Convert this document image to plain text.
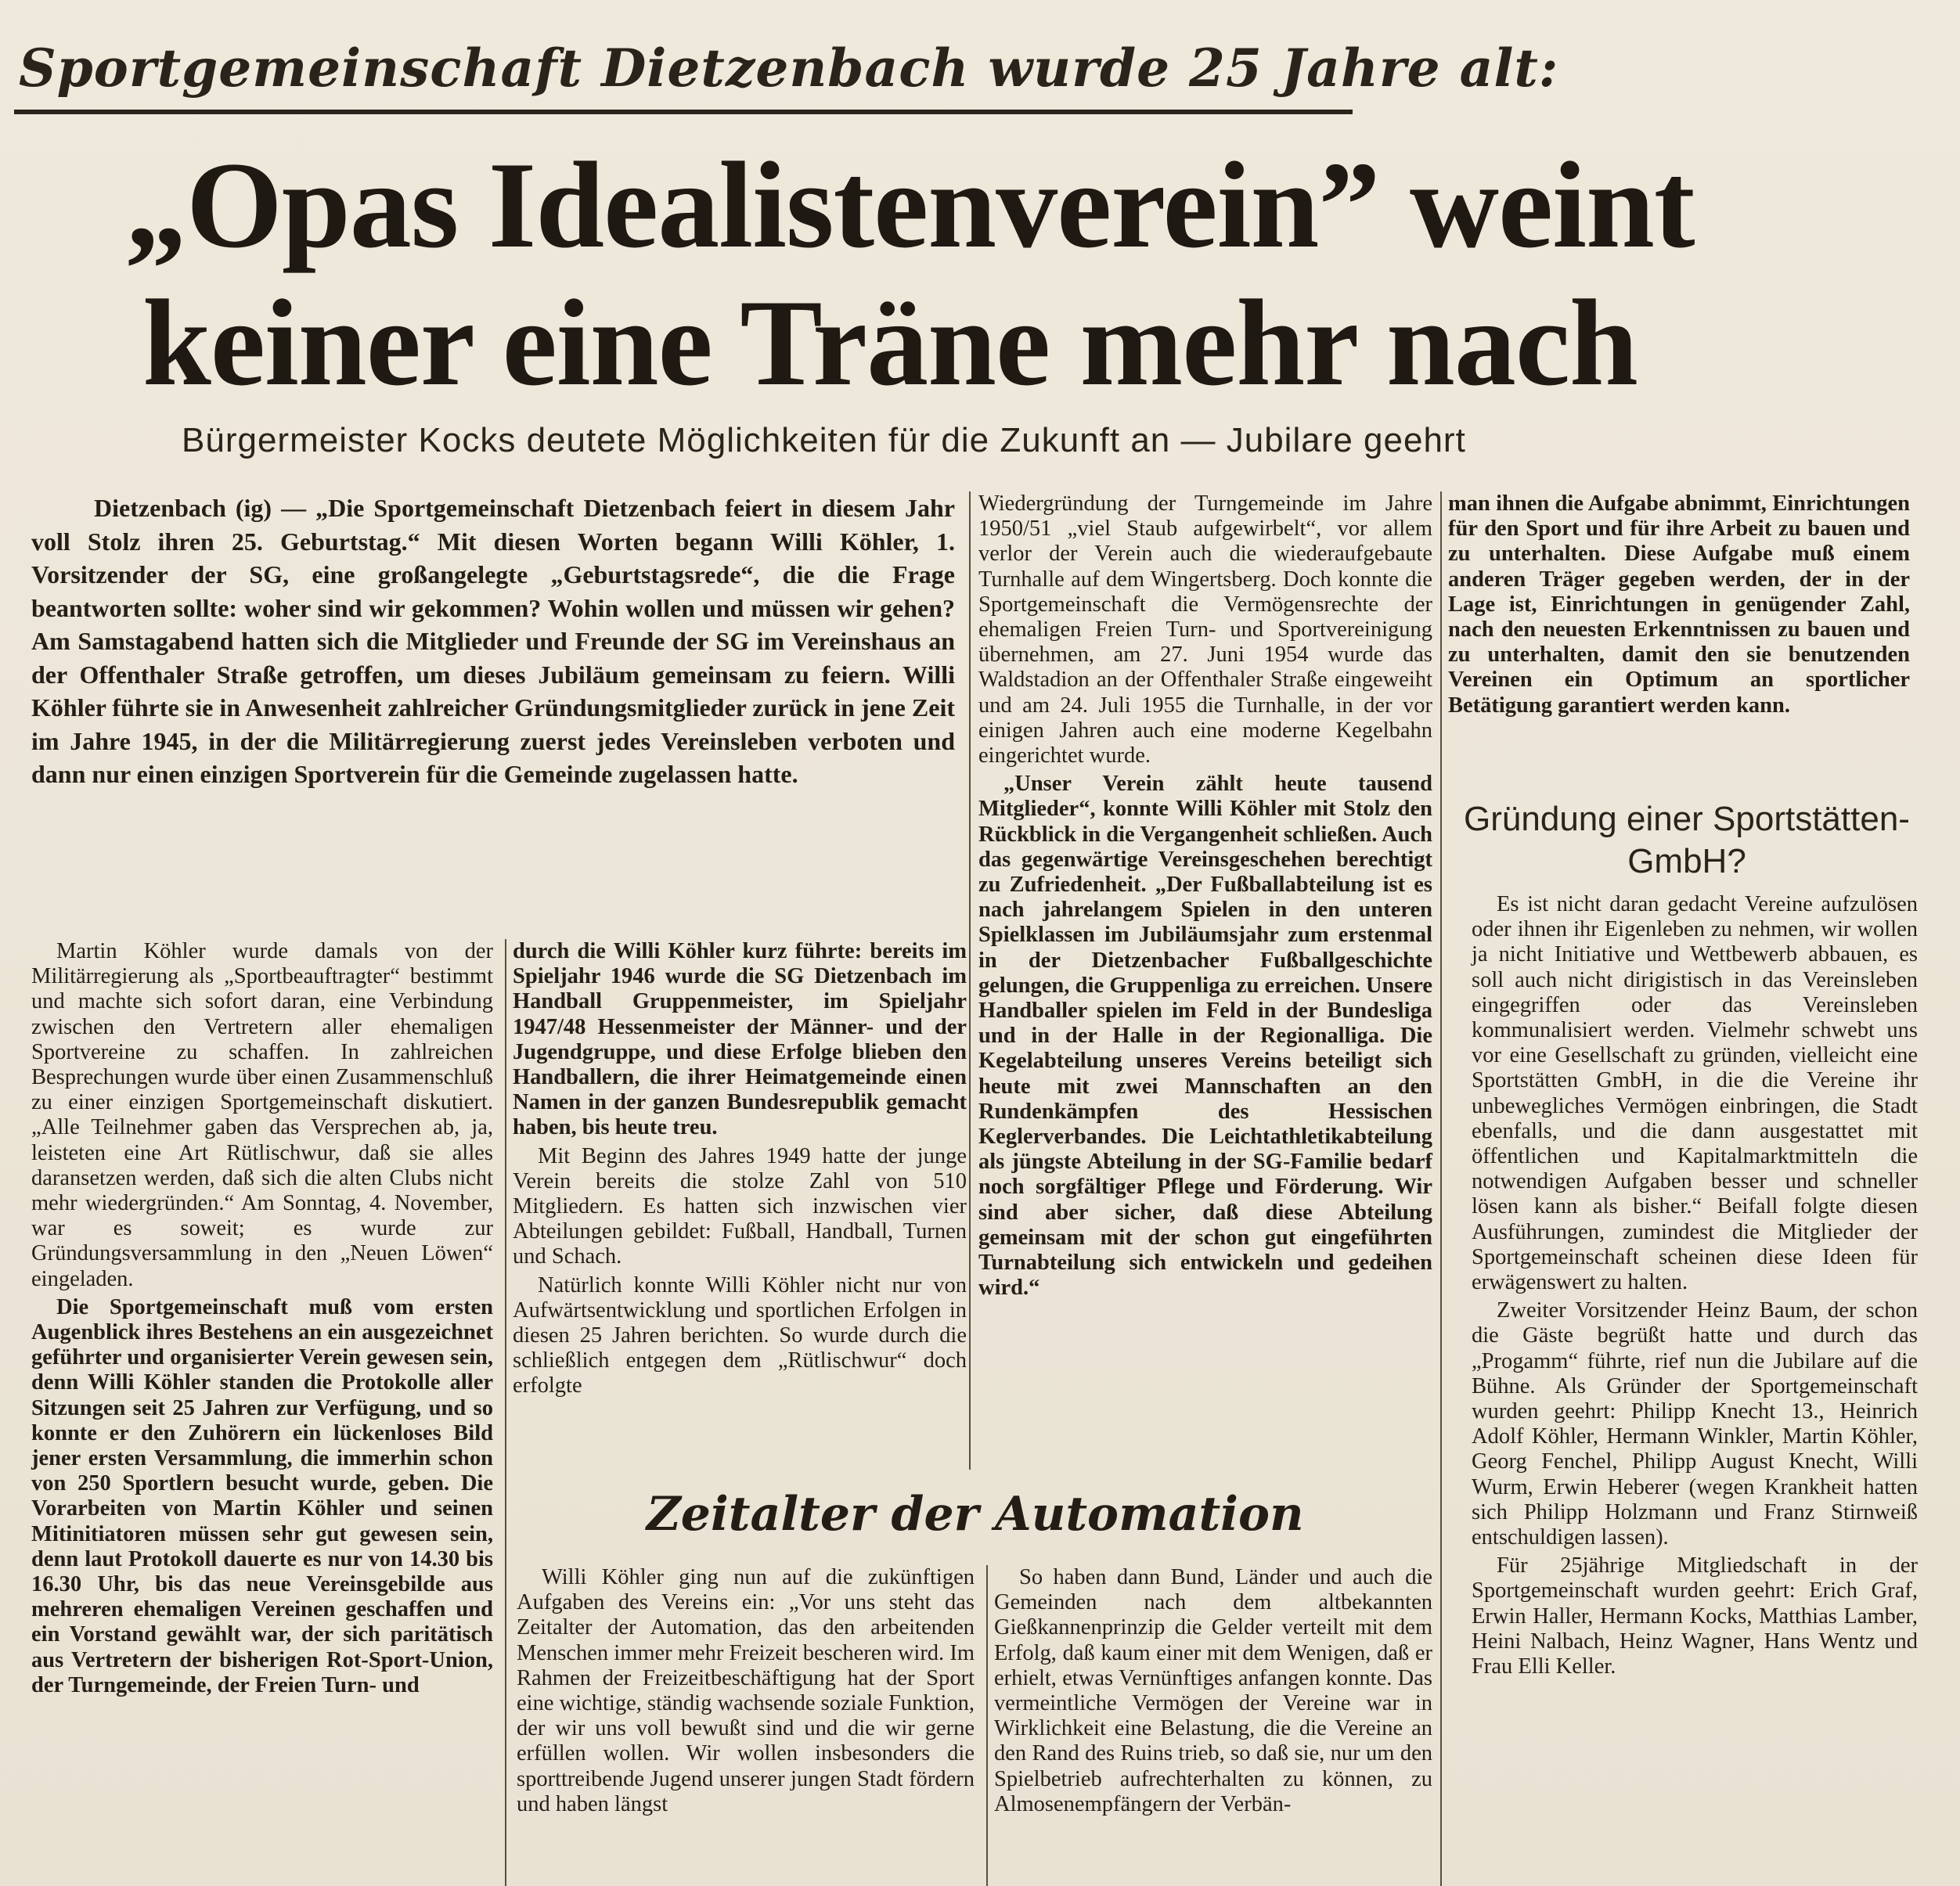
Sportgemeinschaft Dietzenbach wurde 25 Jahre alt:
„Opas Idealistenverein” weint
keiner eine Träne mehr nach
Bürgermeister Kocks deutete Möglichkeiten für die Zukunft an — Jubilare geehrt

Dietzenbach (ig) — „Die Sportgemeinschaft Dietzenbach feiert in diesem Jahr voll Stolz ihren 25. Geburtstag.“ Mit diesen Worten begann Willi Köhler, 1. Vorsitzender der SG, eine großangelegte „Geburtstagsrede“, die die Frage beantworten sollte: woher sind wir gekommen? Wohin wollen und müssen wir gehen? Am Samstagabend hatten sich die Mitglieder und Freunde der SG im Vereinshaus an der Offenthaler Straße getroffen, um dieses Jubiläum gemeinsam zu feiern. Willi Köhler führte sie in Anwesenheit zahlreicher Gründungsmitglieder zurück in jene Zeit im Jahre 1945, in der die Militärregierung zuerst jedes Vereinsleben verboten und dann nur einen einzigen Sportverein für die Gemeinde zugelassen hatte.

Martin Köhler wurde damals von der Militärregierung als „Sportbeauftragter“ bestimmt und machte sich sofort daran, eine Verbindung zwischen den Vertretern aller ehemaligen Sportvereine zu schaffen. In zahlreichen Besprechungen wurde über einen Zusammenschluß zu einer einzigen Sportgemeinschaft diskutiert. „Alle Teilnehmer gaben das Versprechen ab, ja, leisteten eine Art Rütlischwur, daß sie alles daransetzen werden, daß sich die alten Clubs nicht mehr wiedergründen.“ Am Sonntag, 4. November, war es soweit; es wurde zur Gründungsversammlung in den „Neuen Löwen“ eingeladen.

Die Sportgemeinschaft muß vom ersten Augenblick ihres Bestehens an ein ausgezeichnet geführter und organisierter Verein gewesen sein, denn Willi Köhler standen die Protokolle aller Sitzungen seit 25 Jahren zur Verfügung, und so konnte er den Zuhörern ein lückenloses Bild jener ersten Versammlung, die immerhin schon von 250 Sportlern besucht wurde, geben. Die Vorarbeiten von Martin Köhler und seinen Mitinitiatoren müssen sehr gut gewesen sein, denn laut Protokoll dauerte es nur von 14.30 bis 16.30 Uhr, bis das neue Vereinsgebilde aus mehreren ehemaligen Vereinen geschaffen und ein Vorstand gewählt war, der sich paritätisch aus Vertretern der bisherigen Rot-Sport-Union, der Turngemeinde, der Freien Turn- und

durch die Willi Köhler kurz führte: bereits im Spieljahr 1946 wurde die SG Dietzenbach im Handball Gruppenmeister, im Spieljahr 1947/48 Hessenmeister der Männer- und der Jugendgruppe, und diese Erfolge blieben den Handballern, die ihrer Heimatgemeinde einen Namen in der ganzen Bundesrepublik gemacht haben, bis heute treu.

Mit Beginn des Jahres 1949 hatte der junge Verein bereits die stolze Zahl von 510 Mitgliedern. Es hatten sich inzwischen vier Abteilungen gebildet: Fußball, Handball, Turnen und Schach.

Natürlich konnte Willi Köhler nicht nur von Aufwärtsentwicklung und sportlichen Erfolgen in diesen 25 Jahren berichten. So wurde durch die schließlich entgegen dem „Rütlischwur“ doch erfolgte

Wiedergründung der Turngemeinde im Jahre 1950/51 „viel Staub aufgewirbelt“, vor allem verlor der Verein auch die wiederaufgebaute Turnhalle auf dem Wingertsberg. Doch konnte die Sportgemeinschaft die Vermögensrechte der ehemaligen Freien Turn- und Sportvereinigung übernehmen, am 27. Juni 1954 wurde das Waldstadion an der Offenthaler Straße eingeweiht und am 24. Juli 1955 die Turnhalle, in der vor einigen Jahren auch eine moderne Kegelbahn eingerichtet wurde.

„Unser Verein zählt heute tausend Mitglieder“, konnte Willi Köhler mit Stolz den Rückblick in die Vergangenheit schließen. Auch das gegenwärtige Vereinsgeschehen berechtigt zu Zufriedenheit. „Der Fußballabteilung ist es nach jahrelangem Spielen in den unteren Spielklassen im Jubiläumsjahr zum erstenmal in der Dietzenbacher Fußballgeschichte gelungen, die Gruppenliga zu erreichen. Unsere Handballer spielen im Feld in der Bundesliga und in der Halle in der Regionalliga. Die Kegelabteilung unseres Vereins beteiligt sich heute mit zwei Mannschaften an den Rundenkämpfen des Hessischen Keglerverbandes. Die Leichtathletikabteilung als jüngste Abteilung in der SG-Familie bedarf noch sorgfältiger Pflege und Förderung. Wir sind aber sicher, daß diese Abteilung gemeinsam mit der schon gut eingeführten Turnabteilung sich entwickeln und gedeihen wird.“

man ihnen die Aufgabe abnimmt, Einrichtungen für den Sport und für ihre Arbeit zu bauen und zu unterhalten. Diese Aufgabe muß einem anderen Träger gegeben werden, der in der Lage ist, Einrichtungen in genügender Zahl, nach den neuesten Erkenntnissen zu bauen und zu unterhalten, damit den sie benutzenden Vereinen ein Optimum an sportlicher Betätigung garantiert werden kann.

Gründung einer Sportstätten-GmbH?

Es ist nicht daran gedacht Vereine aufzulösen oder ihnen ihr Eigenleben zu nehmen, wir wollen ja nicht Initiative und Wettbewerb abbauen, es soll auch nicht dirigistisch in das Vereinsleben eingegriffen oder das Vereinsleben kommunalisiert werden. Vielmehr schwebt uns vor eine Gesellschaft zu gründen, vielleicht eine Sportstätten GmbH, in die die Vereine ihr unbewegliches Vermögen einbringen, die Stadt ebenfalls, und die dann ausgestattet mit öffentlichen und Kapitalmarktmitteln die notwendigen Aufgaben besser und schneller lösen kann als bisher.“ Beifall folgte diesen Ausführungen, zumindest die Mitglieder der Sportgemeinschaft scheinen diese Ideen für erwägenswert zu halten.

Zweiter Vorsitzender Heinz Baum, der schon die Gäste begrüßt hatte und durch das „Progamm“ führte, rief nun die Jubilare auf die Bühne. Als Gründer der Sportgemeinschaft wurden geehrt: Philipp Knecht 13., Heinrich Adolf Köhler, Hermann Winkler, Martin Köhler, Georg Fenchel, Philipp August Knecht, Willi Wurm, Erwin Heberer (wegen Krankheit hatten sich Philipp Holzmann und Franz Stirnweiß entschuldigen lassen).

Für 25jährige Mitgliedschaft in der Sportgemeinschaft wurden geehrt: Erich Graf, Erwin Haller, Hermann Kocks, Matthias Lamber, Heini Nalbach, Heinz Wagner, Hans Wentz und Frau Elli Keller.

Zeitalter der Automation

Willi Köhler ging nun auf die zukünftigen Aufgaben des Vereins ein: „Vor uns steht das Zeitalter der Automation, das den arbeitenden Menschen immer mehr Freizeit bescheren wird. Im Rahmen der Freizeitbeschäftigung hat der Sport eine wichtige, ständig wachsende soziale Funktion, der wir uns voll bewußt sind und die wir gerne erfüllen wollen. Wir wollen insbesonders die sporttreibende Jugend unserer jungen Stadt fördern und haben längst

So haben dann Bund, Länder und auch die Gemeinden nach dem altbekannten Gießkannenprinzip die Gelder verteilt mit dem Erfolg, daß kaum einer mit dem Wenigen, daß er erhielt, etwas Vernünftiges anfangen konnte. Das vermeintliche Vermögen der Vereine war in Wirklichkeit eine Belastung, die die Vereine an den Rand des Ruins trieb, so daß sie, nur um den Spielbetrieb aufrechterhalten zu können, zu Almosenempfängern der Verbän-
